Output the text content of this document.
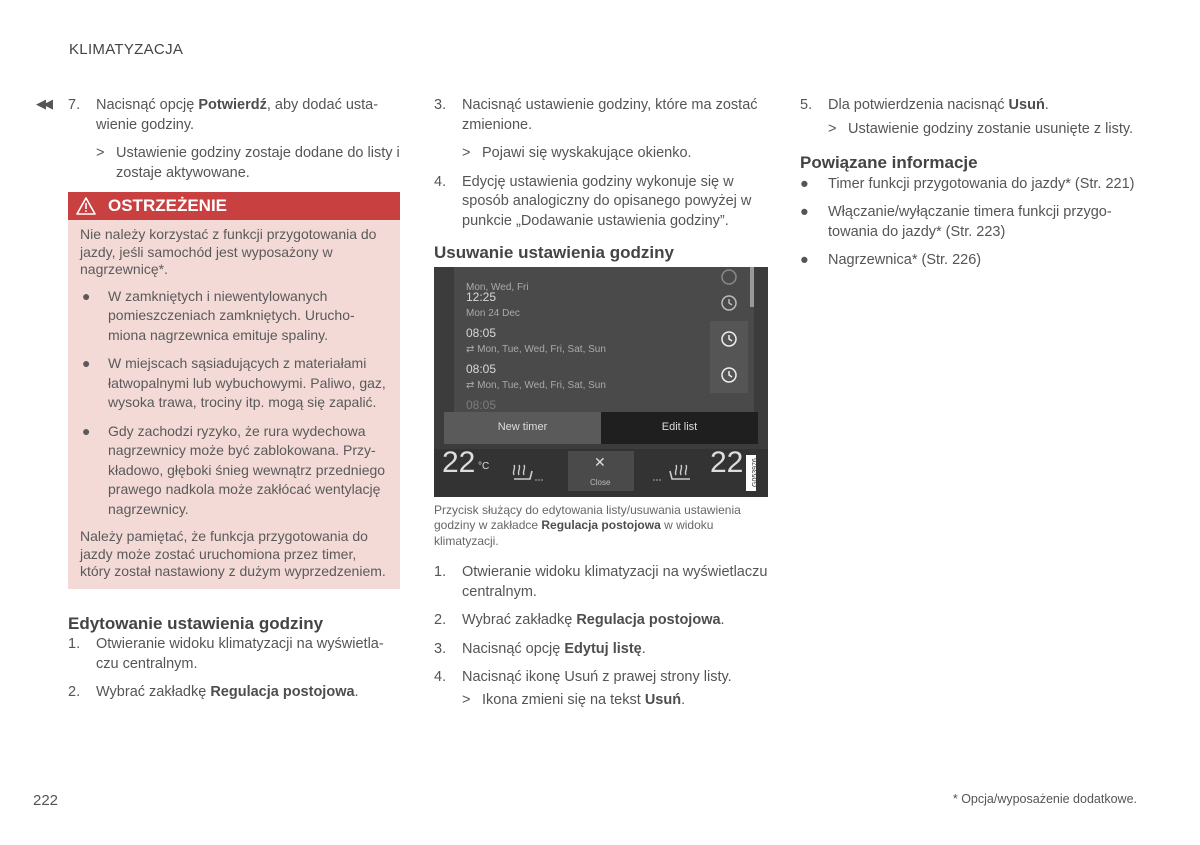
KLIMATYZACJA
◀◀ 7. Nacisnąć opcję Potwierdź, aby dodać ustawienie godziny.
> Ustawienie godziny zostaje dodane do listy i zostaje aktywowane.
OSTRZEŻENIE

Nie należy korzystać z funkcji przygotowania do jazdy, jeśli samochód jest wyposażony w nagrzewnicę*.

● W zamkniętych i niewentylowanych pomieszczeniach zamkniętych. Uruchomiona nagrzewnica emituje spaliny.
● W miejscach sąsiadujących z materiałami łatwopalnymi lub wybuchowymi. Paliwo, gaz, wysoka trawa, trociny itp. mogą się zapalić.
● Gdy zachodzi ryzyko, że rura wydechowa nagrzewnicy może być zablokowana. Przykładowo, głęboki śnieg wewnątrz przedniego prawego nadkola może zakłócać wentylację nagrzewnicy.

Należy pamiętać, że funkcja przygotowania do jazdy może zostać uruchomiona przez timer, który został nastawiony z dużym wyprzedzeniem.

Edytowanie ustawienia godziny
1. Otwieranie widoku klimatyzacji na wyświetlaczu centralnym.
2. Wybrać zakładkę Regulacja postojowa.
3. Nacisnąć ustawienie godziny, które ma zostać zmienione.
> Pojawi się wyskakujące okienko.
4. Edycję ustawienia godziny wykonuje się w sposób analogiczny do opisanego powyżej w punkcie „Dodawanie ustawienia godziny”.
Usuwanie ustawienia godziny
Mon, Wed, Fri
12:25
Mon 24 Dec
08:05
⇄ Mon, Tue, Wed, Fri, Sat, Sun
08:05
⇄ Mon, Tue, Wed, Fri, Sat, Sun
08:05
New timer	Edit list
22 °C	✕
Close
22	G053976
Przycisk służący do edytowania listy/usuwania ustawienia godziny w zakładce Regulacja postojowa w widoku klimatyzacji.
1. Otwieranie widoku klimatyzacji na wyświetlaczu centralnym.
2. Wybrać zakładkę Regulacja postojowa.
3. Nacisnąć opcję Edytuj listę.
4. Nacisnąć ikonę Usuń z prawej strony listy.
> Ikona zmieni się na tekst Usuń.
5. Dla potwierdzenia nacisnąć Usuń.
> Ustawienie godziny zostanie usunięte z listy.
Powiązane informacje
● Timer funkcji przygotowania do jazdy* (Str. 221)
● Włączanie/wyłączanie timera funkcji przygotowania do jazdy* (Str. 223)
● Nagrzewnica* (Str. 226)
222	* Opcja/wyposażenie dodatkowe.
